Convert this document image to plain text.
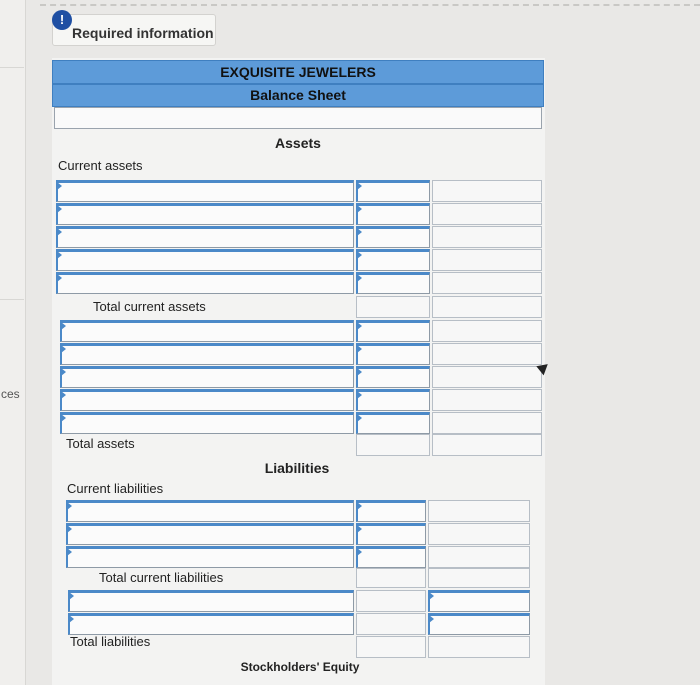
ces
!
Required information
EXQUISITE JEWELERS
Balance Sheet
Assets
Current assets
Total current assets
Total assets
Liabilities
Current liabilities
Total current liabilities
Total liabilities
Stockholders' Equity
